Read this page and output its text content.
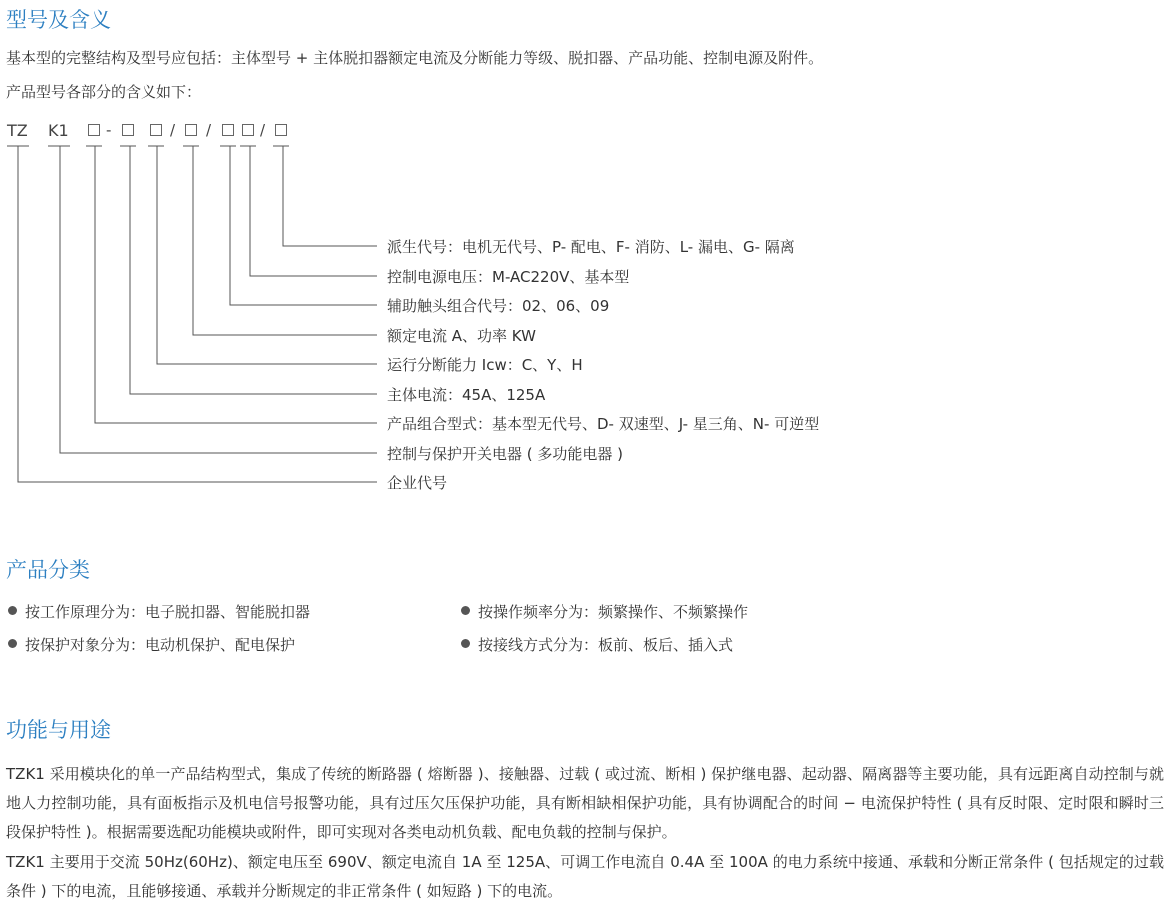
型号及含义
基本型的完整结构及型号应包括：主体型号 + 主体脱扣器额定电流及分断能力等级、脱扣器、产品功能、控制电源及附件。
产品型号各部分的含义如下：
TZ K1 -	/ /	/
派生代号：电机无代号、P- 配电、F- 消防、L- 漏电、G- 隔离
控制电源电压：M-AC220V、基本型
辅助触头组合代号：02、06、09
额定电流 A、功率 KW
运行分断能力 Icw：C、Y、H
主体电流：45A、125A
产品组合型式：基本型无代号、D- 双速型、J- 星三角、N- 可逆型
控制与保护开关电器 ( 多功能电器 )
企业代号
产品分类
按工作原理分为：电子脱扣器、智能脱扣器	按操作频率分为：频繁操作、不频繁操作
按保护对象分为：电动机保护、配电保护	按接线方式分为：板前、板后、插入式
功能与用途

TZK1 采用模块化的单一产品结构型式，集成了传统的断路器 ( 熔断器 )、接触器、过载 ( 或过流、断相 ) 保护继电器、起动器、隔离器等主要功能，具有远距离自动控制与就地人力控制功能，具有面板指示及机电信号报警功能，具有过压欠压保护功能，具有断相缺相保护功能，具有协调配合的时间 − 电流保护特性 ( 具有反时限、定时限和瞬时三段保护特性 )。根据需要选配功能模块或附件，即可实现对各类电动机负载、配电负载的控制与保护。

TZK1 主要用于交流 50Hz(60Hz)、额定电压至 690V、额定电流自 1A 至 125A、可调工作电流自 0.4A 至 100A 的电力系统中接通、承载和分断正常条件 ( 包括规定的过载条件 ) 下的电流，且能够接通、承载并分断规定的非正常条件 ( 如短路 ) 下的电流。
